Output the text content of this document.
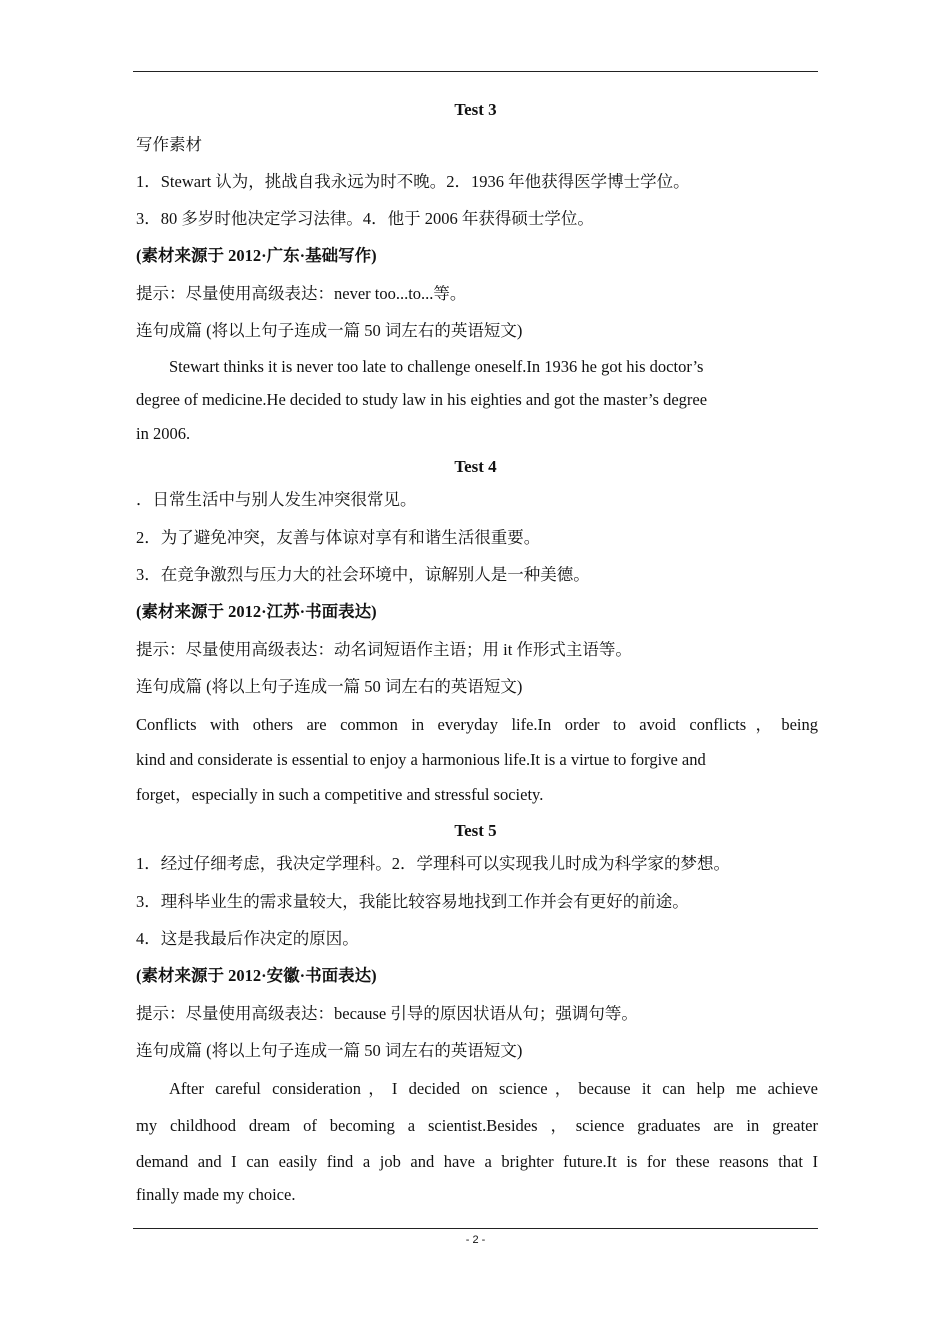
Test 3
写作素材
1．Stewart 认为，挑战自我永远为时不晚。2．1936 年他获得医学博士学位。
3．80 多岁时他决定学习法律。4．他于 2006 年获得硕士学位。
(素材来源于 2012·广东·基础写作)
提示：尽量使用高级表达：never too...to...等。
连句成篇 (将以上句子连成一篇 50 词左右的英语短文)
Stewart thinks it is never too late to challenge oneself.In 1936 he got his doctor’s
degree of medicine.He decided to study law in his eighties and got the master’s degree
in 2006.
Test 4
．日常生活中与别人发生冲突很常见。
2．为了避免冲突，友善与体谅对享有和谐生活很重要。
3．在竞争激烈与压力大的社会环境中，谅解别人是一种美德。
(素材来源于 2012·江苏·书面表达)
提示：尽量使用高级表达：动名词短语作主语；用 it 作形式主语等。
连句成篇 (将以上句子连成一篇 50 词左右的英语短文)
Conflicts with others are common in everyday life.In order to avoid conflicts，being
kind and considerate is essential to enjoy a harmonious life.It is a virtue to forgive and
forget，especially in such a competitive and stressful society.
Test 5
1．经过仔细考虑，我决定学理科。2．学理科可以实现我儿时成为科学家的梦想。
3．理科毕业生的需求量较大，我能比较容易地找到工作并会有更好的前途。
4．这是我最后作决定的原因。
(素材来源于 2012·安徽·书面表达)
提示：尽量使用高级表达：because 引导的原因状语从句；强调句等。
连句成篇 (将以上句子连成一篇 50 词左右的英语短文)
After careful consideration，I decided on science，because it can help me achieve
my childhood dream of becoming a scientist.Besides ，science graduates are in greater
demand and I can easily find a job and have a brighter future.It is for these reasons that I
finally made my choice.
- 2 -
